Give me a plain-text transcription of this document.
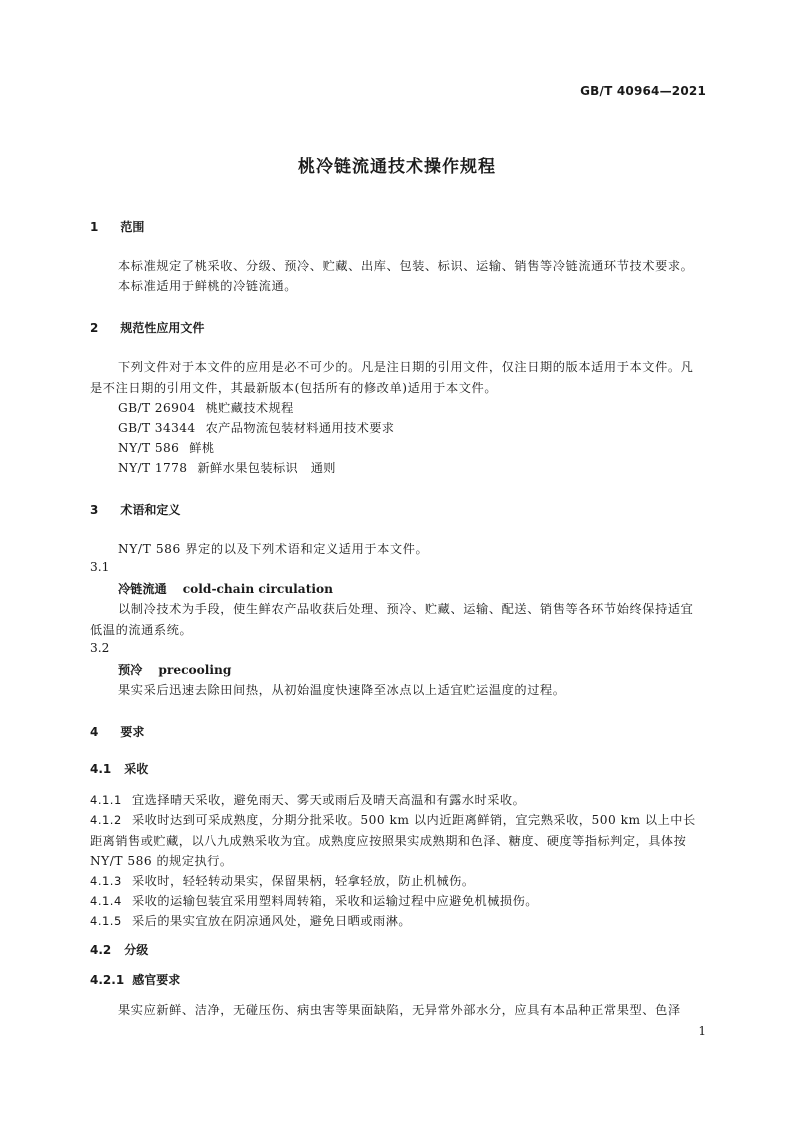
GB/T 40964—2021
桃冷链流通技术操作规程
1 范围
本标准规定了桃采收、分级、预冷、贮藏、出库、包装、标识、运输、销售等冷链流通环节技术要求。
本标准适用于鲜桃的冷链流通。
2 规范性应用文件
下列文件对于本文件的应用是必不可少的。凡是注日期的引用文件，仅注日期的版本适用于本文件。凡是不注日期的引用文件，其最新版本(包括所有的修改单)适用于本文件。
GB/T 26904 桃贮藏技术规程
GB/T 34344 农产品物流包装材料通用技术要求
NY/T 586 鲜桃
NY/T 1778 新鲜水果包装标识　通则
3 术语和定义
NY/T 586 界定的以及下列术语和定义适用于本文件。
3.1
冷链流通 cold-chain circulation
以制冷技术为手段，使生鲜农产品收获后处理、预冷、贮藏、运输、配送、销售等各环节始终保持适宜低温的流通系统。
3.2
预冷 precooling
果实采后迅速去除田间热，从初始温度快速降至冰点以上适宜贮运温度的过程。
4 要求
4.1 采收
4.1.1 宜选择晴天采收，避免雨天、雾天或雨后及晴天高温和有露水时采收。
4.1.2 采收时达到可采成熟度，分期分批采收。500 km 以内近距离鲜销，宜完熟采收，500 km 以上中长距离销售或贮藏，以八九成熟采收为宜。成熟度应按照果实成熟期和色泽、糖度、硬度等指标判定，具体按 NY/T 586 的规定执行。
4.1.3 采收时，轻轻转动果实，保留果柄，轻拿轻放，防止机械伤。
4.1.4 采收的运输包装宜采用塑料周转箱，采收和运输过程中应避免机械损伤。
4.1.5 采后的果实宜放在阴凉通风处，避免日晒或雨淋。
4.2 分级
4.2.1 感官要求
果实应新鲜、洁净，无碰压伤、病虫害等果面缺陷，无异常外部水分，应具有本品种正常果型、色泽
1
